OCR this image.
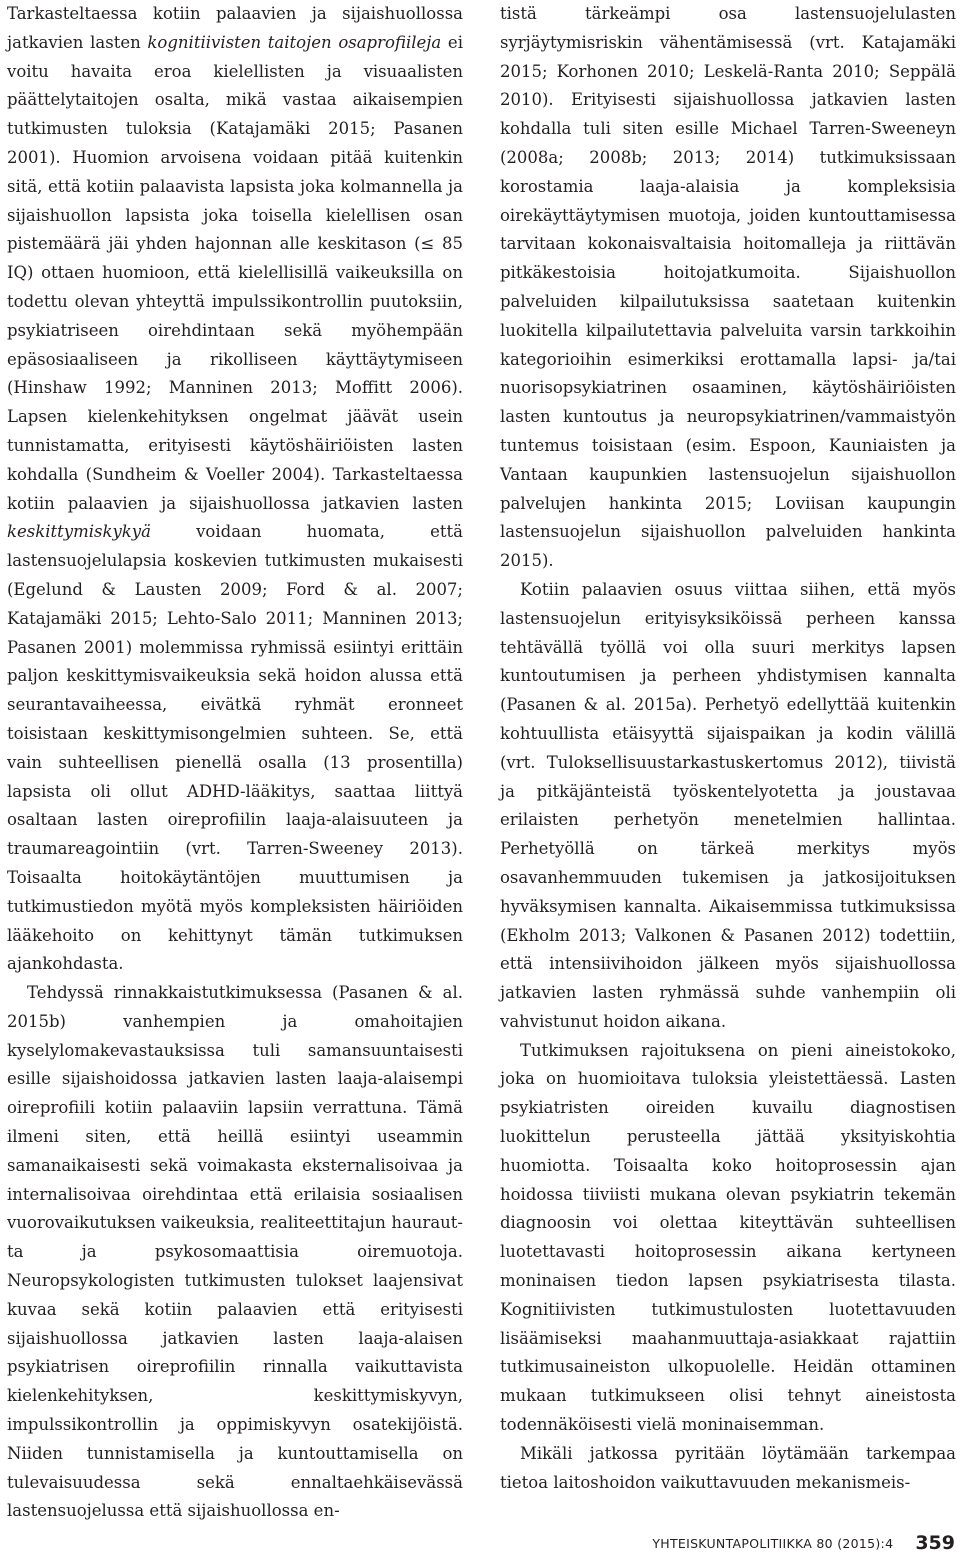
Tarkasteltaessa kotiin palaavien ja sijaishuollossa jatkavien lasten kognitiivisten taitojen osaprofiileja ei voitu havaita eroa kielellisten ja visuaalisten päättelytaitojen osalta, mikä vastaa aikaisempien tutkimusten tuloksia (Katajamäki 2015; Pasanen 2001). Huomion arvoisena voidaan pitää kuitenkin sitä, että kotiin palaavista lapsista joka kolmannella ja sijaishuollon lapsista joka toisella kielellisen osan pistemäärä jäi yhden hajonnan alle keskitason (≤ 85 IQ) ottaen huomioon, että kielellisillä vaikeuksilla on todettu olevan yhteyttä impulssikontrollin puutoksiin, psykiatriseen oirehdintaan sekä myöhempään epäsosiaaliseen ja rikolliseen käyttäytymiseen (Hinshaw 1992; Manninen 2013; Moffitt 2006). Lapsen kielenkehityksen ongelmat jäävät usein tunnistamatta, erityisesti käytöshäiriöisten lasten kohdalla (Sundheim & Voeller 2004). Tarkasteltaessa kotiin palaavien ja sijaishuollossa jatkavien lasten keskittymiskykyä voidaan huomata, että lastensuojelulapsia koskevien tutkimusten mukaisesti (Egelund & Lausten 2009; Ford & al. 2007; Katajamäki 2015; Lehto-Salo 2011; Manninen 2013; Pasanen 2001) molemmissa ryhmissä esiintyi erittäin paljon keskittymisvaikeuksia sekä hoidon alussa että seurantavaiheessa, eivätkä ryhmät eronneet toisistaan keskittymisongelmien suhteen. Se, että vain suhteellisen pienellä osalla (13 prosentilla) lapsista oli ollut ADHD-lääkitys, saattaa liittyä osaltaan lasten oireprofiilin laaja-alaisuuteen ja traumareagointiin (vrt. Tarren-Sweeney 2013). Toisaalta hoitokäytäntöjen muuttumisen ja tutkimustiedon myötä myös kompleksisten häiriöiden lääkehoito on kehittynyt tämän tutkimuksen ajankohdasta.

Tehdyssä rinnakkaistutkimuksessa (Pasanen & al. 2015b) vanhempien ja omahoitajien kyselylomakevastauksissa tuli samansuuntaisesti esille sijaishoidossa jatkavien lasten laaja-alaisempi oireprofiili kotiin palaaviin lapsiin verrattuna. Tämä ilmeni siten, että heillä esiintyi useammin samanaikaisesti sekä voimakasta eksternalisoivaa ja internalisoivaa oirehdintaa että erilaisia sosiaalisen vuorovaikutuksen vaikeuksia, realiteettitajun hauraut-ta ja psykosomaattisia oiremuotoja. Neuropsykologisten tutkimusten tulokset laajensivat kuvaa sekä kotiin palaavien että erityisesti sijaishuollossa jatkavien lasten laaja-alaisen psykiatrisen oireprofiilin rinnalla vaikuttavista kielenkehityksen, keskittymiskyvyn, impulssikontrollin ja oppimiskyvyn osatekijöistä. Niiden tunnistamisella ja kuntouttamisella on tulevaisuudessa sekä ennaltaehkäisevässä lastensuojelussa että sijaishuollossa en-

tistä tärkeämpi osa lastensuojelulasten syrjäytymisriskin vähentämisessä (vrt. Katajamäki 2015; Korhonen 2010; Leskelä-Ranta 2010; Seppälä 2010). Erityisesti sijaishuollossa jatkavien lasten kohdalla tuli siten esille Michael Tarren-Sweeneyn (2008a; 2008b; 2013; 2014) tutkimuksissaan korostamia laaja-alaisia ja kompleksisia oirekäyttäytymisen muotoja, joiden kuntouttamisessa tarvitaan kokonaisvaltaisia hoitomalleja ja riittävän pitkäkestoisia hoitojatkumoita. Sijaishuollon palveluiden kilpailutuksissa saatetaan kuitenkin luokitella kilpailutettavia palveluita varsin tarkkoihin kategorioihin esimerkiksi erottamalla lapsi- ja/tai nuorisopsykiatrinen osaaminen, käytöshäiriöisten lasten kuntoutus ja neuropsykiatrinen/vammaistyön tuntemus toisistaan (esim. Espoon, Kauniaisten ja Vantaan kaupunkien lastensuojelun sijaishuollon palvelujen hankinta 2015; Loviisan kaupungin lastensuojelun sijaishuollon palveluiden hankinta 2015).

Kotiin palaavien osuus viittaa siihen, että myös lastensuojelun erityisyksiköissä perheen kanssa tehtävällä työllä voi olla suuri merkitys lapsen kuntoutumisen ja perheen yhdistymisen kannalta (Pasanen & al. 2015a). Perhetyö edellyttää kuitenkin kohtuullista etäisyyttä sijaispaikan ja kodin välillä (vrt. Tuloksellisuustarkastuskertomus 2012), tiivistä ja pitkäjänteistä työskentelyotetta ja joustavaa erilaisten perhetyön menetelmien hallintaa. Perhetyöllä on tärkeä merkitys myös osavanhemmuuden tukemisen ja jatkosijoituksen hyväksymisen kannalta. Aikaisemmissa tutkimuksissa (Ekholm 2013; Valkonen & Pasanen 2012) todettiin, että intensiivihoidon jälkeen myös sijaishuollossa jatkavien lasten ryhmässä suhde vanhempiin oli vahvistunut hoidon aikana.

Tutkimuksen rajoituksena on pieni aineistokoko, joka on huomioitava tuloksia yleistettäessä. Lasten psykiatristen oireiden kuvailu diagnostisen luokittelun perusteella jättää yksityiskohtia huomiotta. Toisaalta koko hoitoprosessin ajan hoidossa tiiviisti mukana olevan psykiatrin tekemän diagnoosin voi olettaa kiteyttävän suhteellisen luotettavasti hoitoprosessin aikana kertyneen moninaisen tiedon lapsen psykiatrisesta tilasta. Kognitiivisten tutkimustulosten luotettavuuden lisäämiseksi maahanmuuttaja-asiakkaat rajattiin tutkimusaineiston ulkopuolelle. Heidän ottaminen mukaan tutkimukseen olisi tehnyt aineistosta todennäköisesti vielä moninaisemman.

Mikäli jatkossa pyritään löytämään tarkempaa tietoa laitoshoidon vaikuttavuuden mekanismeis-

YHTEISKUNTAPOLITIIKKA 80 (2015):4 359
